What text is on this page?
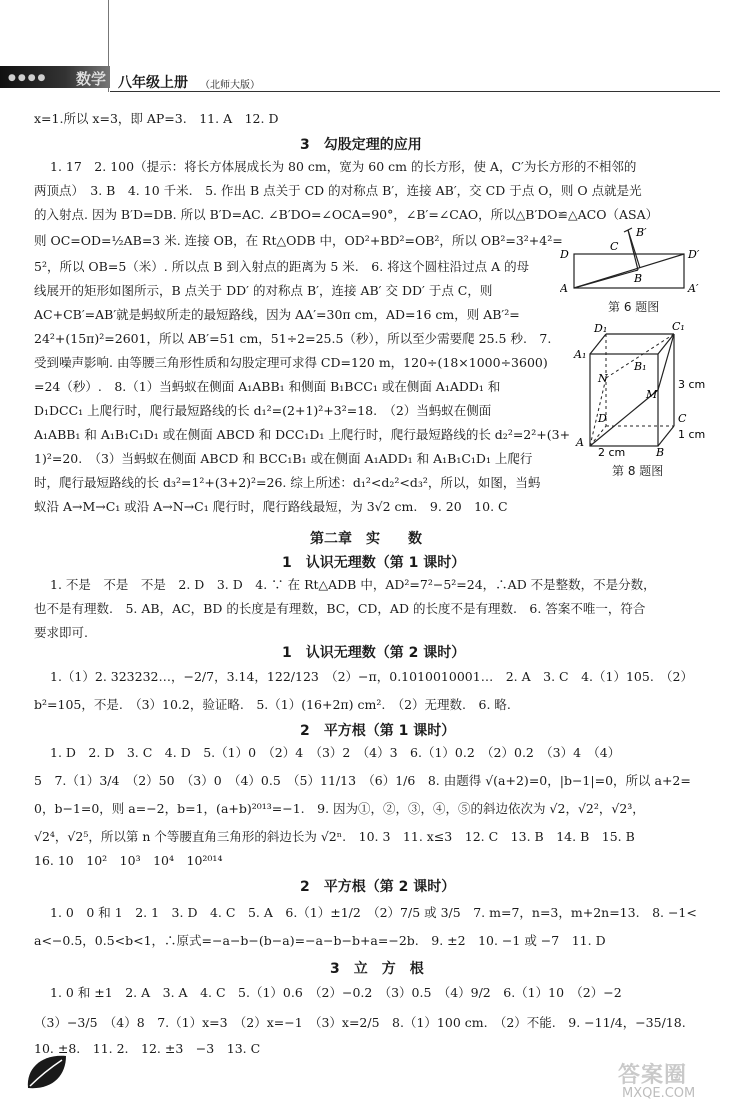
●●●● 数学 八年级上册 （北师大版）
x=1.所以 x=3，即 AP=3.　11. A　12. D
3　勾股定理的应用
1. 17　2. 100（提示：将长方体展成长为 80 cm，宽为 60 cm 的长方形，使 A，C′为长方形的不相邻的
两顶点）　3. B　4. 10 千米.　5. 作出 B 点关于 CD 的对称点 B′，连接 AB′，交 CD 于点 O，则 O 点就是光
的入射点. 因为 B′D=DB. 所以 B′D=AC. ∠B′DO=∠OCA=90°，∠B′=∠CAO，所以△B′DO≌△ACO（ASA）
则 OC=OD=½AB=3 米. 连接 OB，在 Rt△ODB 中，OD²+BD²=OB²，所以 OB²=3²+4²=
5²，所以 OB=5（米）. 所以点 B 到入射点的距离为 5 米.　6. 将这个圆柱沿过点 A 的母
线展开的矩形如图所示，B 点关于 DD′ 的对称点 B′，连接 AB′ 交 DD′ 于点 C，则
AC+CB′=AB′就是蚂蚁所走的最短路线，因为 AA′=30π cm，AD=16 cm，则 AB′²=
24²+(15π)²=2601，所以 AB′=51 cm，51÷2=25.5（秒），所以至少需要爬 25.5 秒.　7.
受到噪声影响. 由等腰三角形性质和勾股定理可求得 CD=120 m，120÷(18×1000÷3600)
=24（秒）.　8.（1）当蚂蚁在侧面 A₁ABB₁ 和侧面 B₁BCC₁ 或在侧面 A₁ADD₁ 和
D₁DCC₁ 上爬行时，爬行最短路线的长 d₁²=(2+1)²+3²=18.　（2）当蚂蚁在侧面
A₁ABB₁ 和 A₁B₁C₁D₁ 或在侧面 ABCD 和 DCC₁D₁ 上爬行时，爬行最短路线的长 d₂²=2²+(3+
1)²=20.　（3）当蚂蚁在侧面 ABCD 和 BCC₁B₁ 或在侧面 A₁ADD₁ 和 A₁B₁C₁D₁ 上爬行
时，爬行最短路线的长 d₃²=1²+(3+2)²=26. 综上所述：d₁²<d₂²<d₃²，所以，如图，当蚂
蚁沿 A→M→C₁ 或沿 A→N→C₁ 爬行时，爬行路线最短，为 3√2 cm.　9. 20　10. C
D
A
C
B′
B
D′
A′
第 6 题图
D₁	C₁
A₁
B₁
N
M
D	C
A
B
3 cm
1 cm
2 cm
第 8 题图
第二章　实　　数
1　认识无理数（第 1 课时）
1. 不是　不是　不是　2. D　3. D　4. ∵ 在 Rt△ADB 中，AD²=7²−5²=24，∴AD 不是整数，不是分数，
也不是有理数.　5. AB，AC，BD 的长度是有理数，BC，CD，AD 的长度不是有理数.　6. 答案不唯一，符合
要求即可.
1　认识无理数（第 2 课时）
1.（1）2. 323232…，−2/7，3.14，122/123　（2）−π，0.1010010001…　2. A　3. C　4.（1）105.　（2）
b²=105，不是.　（3）10.2，验证略.　5.（1）(16+2π) cm².　（2）无理数.　6. 略.
2　平方根（第 1 课时）
1. D　2. D　3. C　4. D　5.（1）0　（2）4　（3）2　（4）3　6.（1）0.2　（2）0.2　（3）4　（4）
5　7.（1）3/4　（2）50　（3）0　（4）0.5　（5）11/13　（6）1/6　8. 由题得 √(a+2)=0，|b−1|=0，所以 a+2=
0，b−1=0，则 a=−2，b=1，(a+b)²⁰¹³=−1.　9. 因为①，②，③，④，⑤的斜边依次为 √2，√2²，√2³，
√2⁴，√2⁵，所以第 n 个等腰直角三角形的斜边长为 √2ⁿ.　10. 3　11. x≤3　12. C　13. B　14. B　15. B
16. 10　10²　10³　10⁴　10²⁰¹⁴
2　平方根（第 2 课时）
1. 0　0 和 1　2. 1　3. D　4. C　5. A　6.（1）±1/2　（2）7/5 或 3/5　7. m=7，n=3，m+2n=13.　8. −1<
a<−0.5，0.5<b<1，∴原式=−a−b−(b−a)=−a−b−b+a=−2b.　9. ±2　10. −1 或 −7　11. D
3　立　方　根
1. 0 和 ±1　2. A　3. A　4. C　5.（1）0.6　（2）−0.2　（3）0.5　（4）9/2　6.（1）10　（2）−2
（3）−3/5　（4）8　7.（1）x=3　（2）x=−1　（3）x=2/5　8.（1）100 cm.　（2）不能.　9. −11/4，−35/18.
10. ±8.　11. 2.　12. ±3　−3　13. C
答案圈
MXQE.COM
